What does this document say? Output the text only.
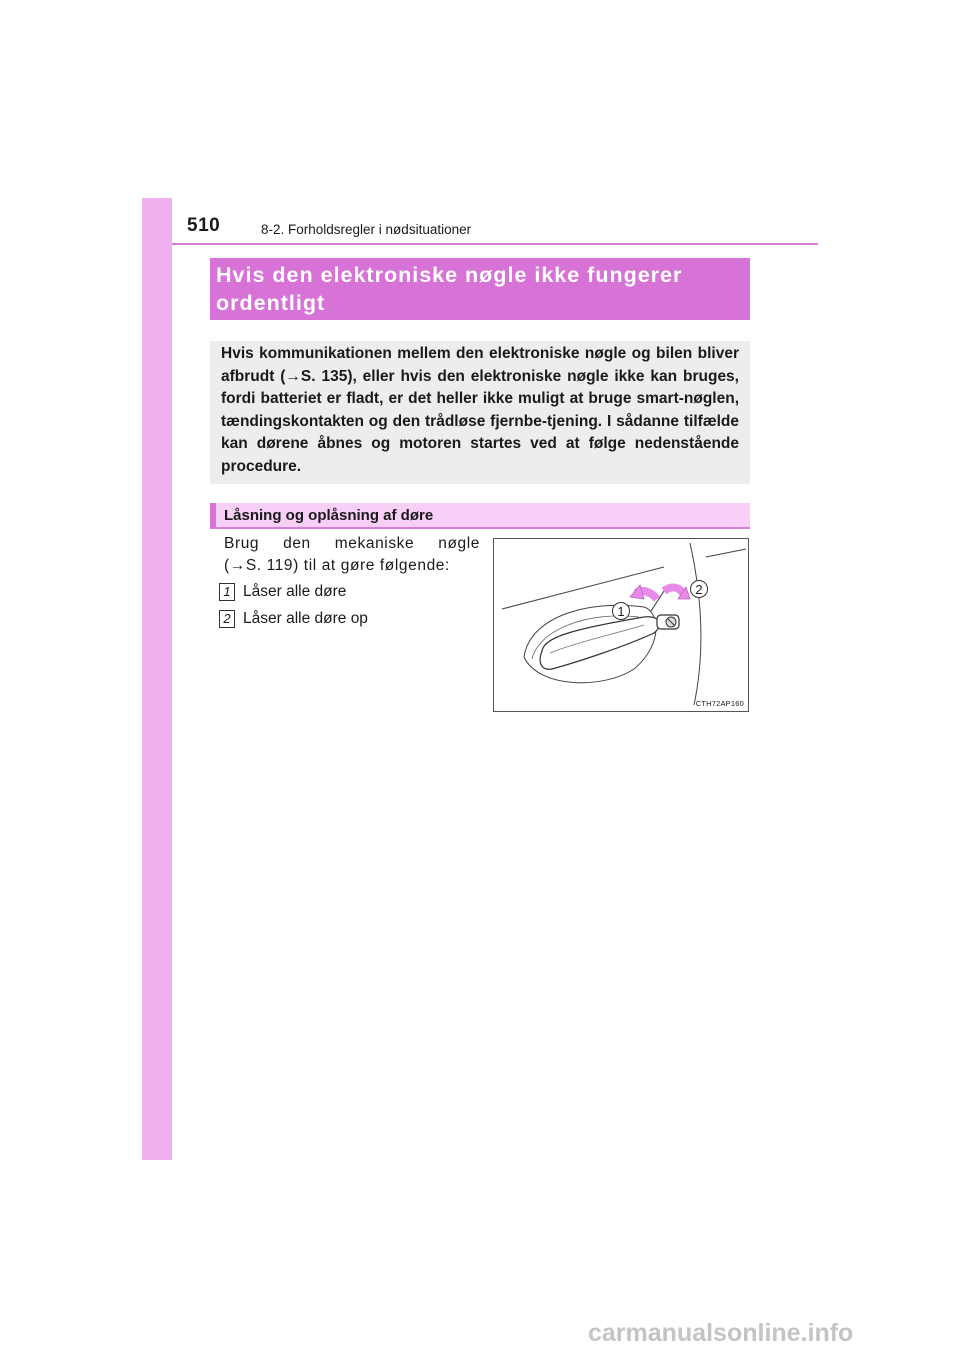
510	8-2. Forholdsregler i nødsituationer
Hvis den elektroniske nøgle ikke fungerer
ordentligt
Hvis kommunikationen mellem den elektroniske nøgle og bilen bliver afbrudt (→S. 135), eller hvis den elektroniske nøgle ikke kan bruges, fordi batteriet er fladt, er det heller ikke muligt at bruge smart-nøglen, tændingskontakten og den trådløse fjernbe-tjening. I sådanne tilfælde kan dørene åbnes og motoren startes ved at følge nedenstående procedure.
Låsning og oplåsning af døre
Brug den mekaniske nøgle
(→S. 119) til at gøre følgende:
1 Låser alle døre
2 Låser alle døre op	1
2
CTH72AP160
carmanualsonline.info
